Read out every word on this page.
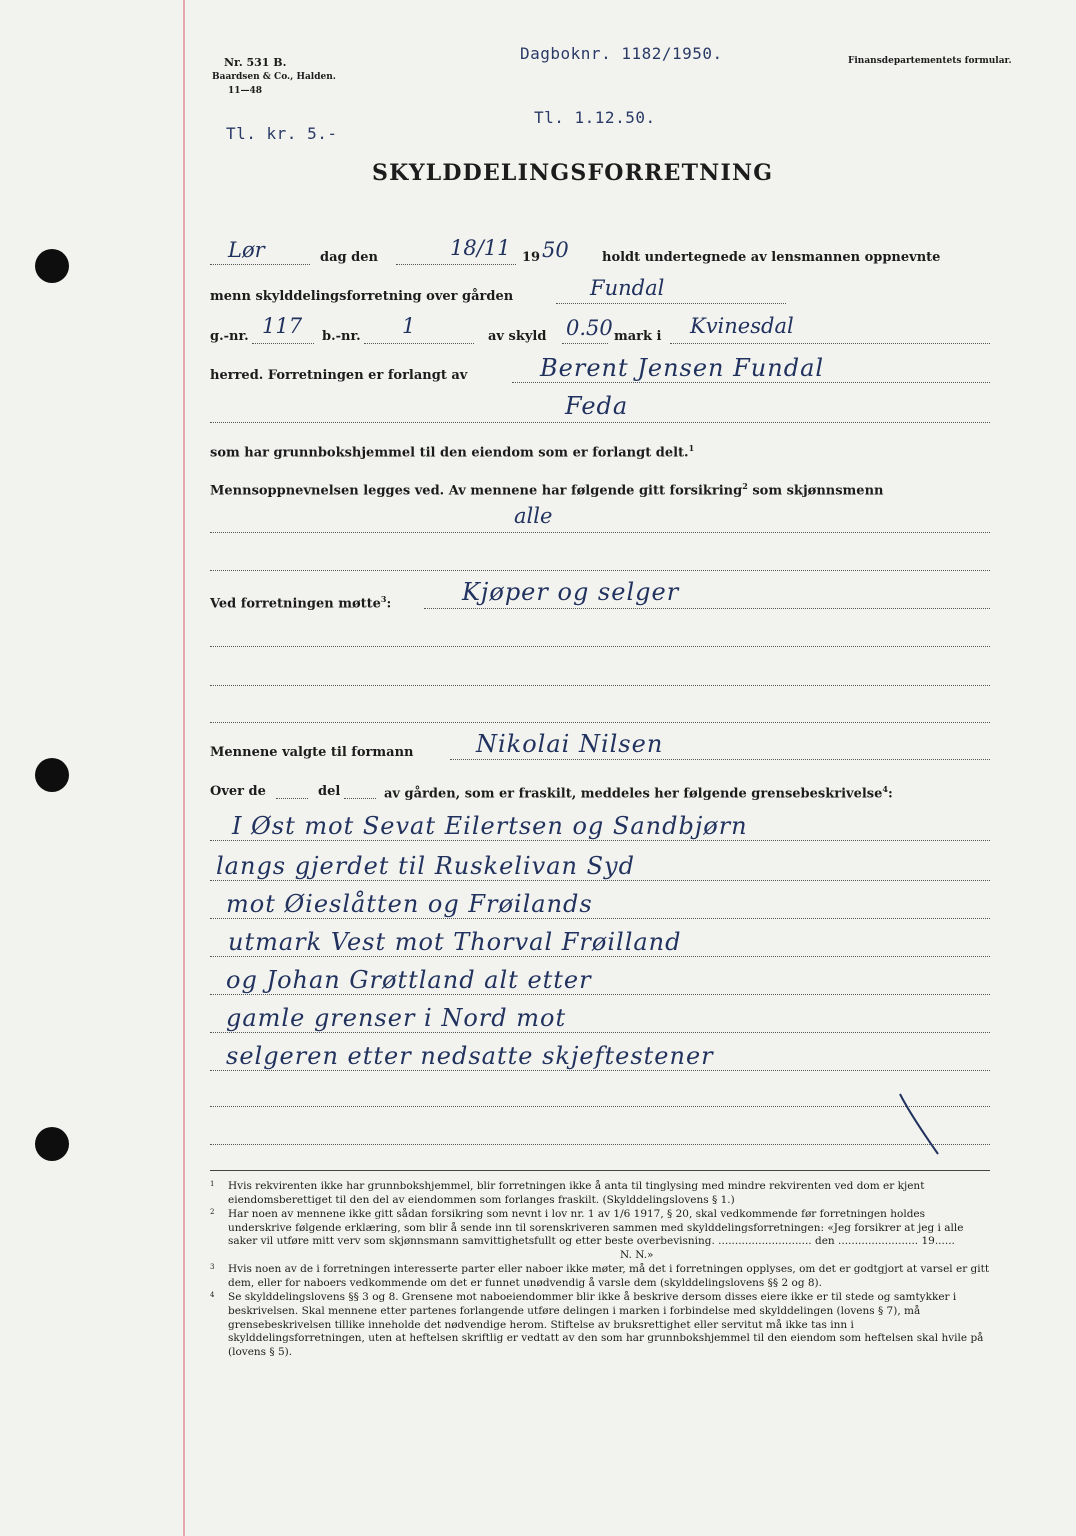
Nr. 531 B.
Baardsen & Co., Halden.
11—48
Finansdepartementets formular.
Dagboknr. 1182/1950.
Tl. 1.12.50.
Tl. kr. 5.-
SKYLDDELINGSFORRETNING
Lør	dag den	18/11 19 50	holdt undertegnede av lensmannen oppnevnte
menn skylddelingsforretning over gården	Fundal
g.-nr. 117 b.-nr. 1	av skyld 0.50 mark i Kvinesdal
herred. Forretningen er forlangt av	Berent Jensen Fundal
Feda
som har grunnbokshjemmel til den eiendom som er forlangt delt.$^1$
Mennsoppnevnelsen legges ved. Av mennene har følgende gitt forsikring$^2$ som skjønnsmenn
alle
Ved forretningen møtte$^3$:	Kjøper og selger
Mennene valgte til formann	Nikolai Nilsen
Over de	del	av gården, som er fraskilt, meddeles her følgende grensebeskrivelse$^4$:
I Øst mot Sevat Eilertsen og Sandbjørn
langs gjerdet til Ruskelivan Syd
mot Øieslåtten og Frøilands
utmark Vest mot Thorval Frøilland
og Johan Grøttland alt etter
gamle grenser i Nord mot
selgeren etter nedsatte skjeftestener

$^1$ Hvis rekvirenten ikke har grunnbokshjemmel, blir forretningen ikke å anta til tinglysing med mindre rekvirenten ved dom er kjent eiendomsberettiget til den del av eiendommen som forlanges fraskilt. (Skylddelingslovens § 1.)

$^2$ Har noen av mennene ikke gitt sådan forsikring som nevnt i lov nr. 1 av 1/6 1917, § 20, skal vedkommende før forretningen holdes underskrive følgende erklæring, som blir å sende inn til sorenskriveren sammen med skylddelingsforretningen: «Jeg forsikrer at jeg i alle saker vil utføre mitt verv som skjønnsmann samvittighetsfullt og etter beste overbevisning. ............................ den ........................ 19......

N. N.»

$^3$ Hvis noen av de i forretningen interesserte parter eller naboer ikke møter, må det i forretningen opplyses, om det er godtgjort at varsel er gitt dem, eller for naboers vedkommende om det er funnet unødvendig å varsle dem (skylddelingslovens §§ 2 og 8).

$^4$ Se skylddelingslovens §§ 3 og 8. Grensene mot naboeiendommer blir ikke å beskrive dersom disses eiere ikke er til stede og samtykker i beskrivelsen. Skal mennene etter partenes forlangende utføre delingen i marken i forbindelse med skylddelingen (lovens § 7), må grensebeskrivelsen tillike inneholde det nødvendige herom. Stiftelse av bruksrettighet eller servitut må ikke tas inn i skylddelingsforretningen, uten at heftelsen skriftlig er vedtatt av den som har grunnbokshjemmel til den eiendom som heftelsen skal hvile på (lovens § 5).
